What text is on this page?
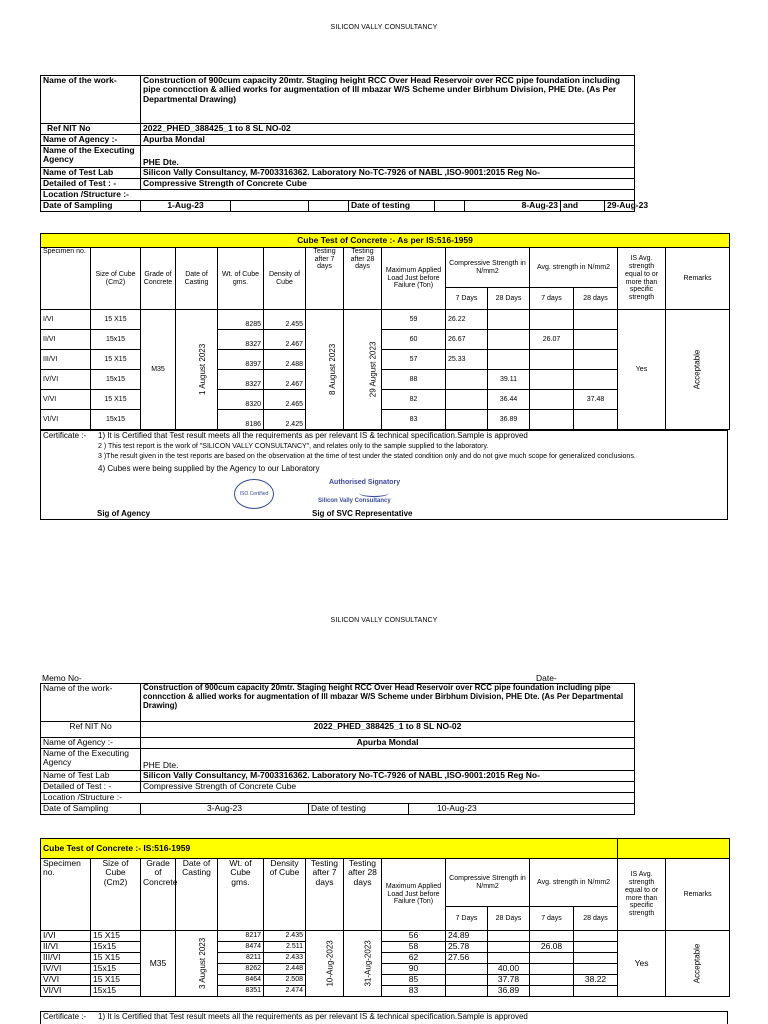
SILICON VALLY CONSULTANCY
Name of the work-	Construction of 900cum capacity 20mtr. Staging height RCC Over Head Reservoir over RCC pipe foundation including
pipe conncction & allied works for augmentation of Ill mbazar W/S Scheme under Birbhum Division, PHE Dte. (As Per Departmental Drawing)							

Ref NIT No	2022_PHED_388425_1 to 8 SL NO-02							
Name of Agency :-	Apurba Mondal							
Name of the Executing Agency	PHE Dte.							
Name of Test Lab	Silicon Vally Consultancy, M-7003316362. Laboratory No-TC-7926 of NABL ,ISO-9001:2015 Reg No-							
Detailed of Test : -	Compressive Strength of Concrete Cube							
Location /Structure :-								
Date of Sampling	1-Aug-23			Date of testing		8-Aug-23	and	29-Aug-23
Cube Test of Concrete :- As per IS:516-1959														
Specimen no.	Size of Cube (Cm2)	Grade of Concrete	Date of Casting	Wt. of Cube gms.	Density of Cube	Testing after 7 days	Testing after 28 days	Maximum Applied Load Just before Failure (Ton)	Compressive Strength in N/mm2		Avg. strength in N/mm2		IS Avg. strength equal to or more than specific strength	Remarks
									7 Days	28 Days	7 days	28 days		
I/VI	15 X15	M35	1 August 2023	8285	2.455	8 August 2023	29 August 2023	59	26.22				Yes	Acceptable
II/VI	15x15			8327	2.467			60	26.67		26.07			
III/VI	15 X15			8397	2.488			57	25.33					
IV/VI	15x15			8327	2.467			88		39.11				
V/VI	15 X15			8320	2.465			82		36.44		37.48		
VI/VI	15x15			8186	2.425			83		36.89				
Certificate :- 1) It is Certified that Test result meets all the requirements as per relevant IS & technical specification.Sample is approved
2 ) This test report is the work of "SILICON VALLY CONSULTANCY", and relates only to the sample supplied to the laboratory.
3 )The result given in the test reports are based on the observation at the time of test under the stated condition only and do not give much scope for generalized conclusions.
4) Cubes were being supplied by the Agency to our Laboratory
ISO Certified
Authorised Signatory
Silicon Vally Consultancy
Sig of Agency	Sig of SVC Representative
SILICON VALLY CONSULTANCY
Memo No-	Date-
Name of the work-	Construction of 900cum capacity 20mtr. Staging height RCC Over Head Reservoir over RCC pipe foundation including pipe conncction & allied works for augmentation of Ill mbazar W/S Scheme under Birbhum Division, PHE Dte. (As Per Departmental Drawing)		
Ref NIT No	2022_PHED_388425_1 to 8 SL NO-02		
Name of Agency :-	Apurba Mondal		
Name of the Executing Agency	PHE Dte.		
Name of Test Lab	Silicon Vally Consultancy, M-7003316362. Laboratory No-TC-7926 of NABL ,ISO-9001:2015 Reg No-		
Detailed of Test : -	Compressive Strength of Concrete Cube		
Location /Structure :-			
Date of Sampling	3-Aug-23	Date of testing	10-Aug-23
Cube Test of Concrete :- IS:516-1959														
Specimen no.	Size of Cube (Cm2)	Grade of Concrete	Date of Casting	Wt. of Cube gms.	Density of Cube	Testing after 7 days	Testing after 28 days	Maximum Applied Load Just before Failure (Ton)	Compressive Strength in N/mm2		Avg. strength in N/mm2		IS Avg. strength equal to or more than specific strength	Remarks
									7 Days	28 Days	7 days	28 days		
I/VI	15 X15	M35	3 August 2023	8217	2.435	10-Aug-2023	31-Aug-2023	56	24.89				Yes	Acceptable
II/VI	15x15			8474	2.511			58	25.78		26.08			
III/VI	15 X15			8211	2.433			62	27.56					
IV/VI	15x15			8262	2.448			90		40.00				
V/VI	15 X15			8464	2.508			85		37.78		38.22		
VI/VI	15x15			8351	2.474			83		36.89				
Certificate :- 1) It is Certified that Test result meets all the requirements as per relevant IS & technical specification.Sample is approved
